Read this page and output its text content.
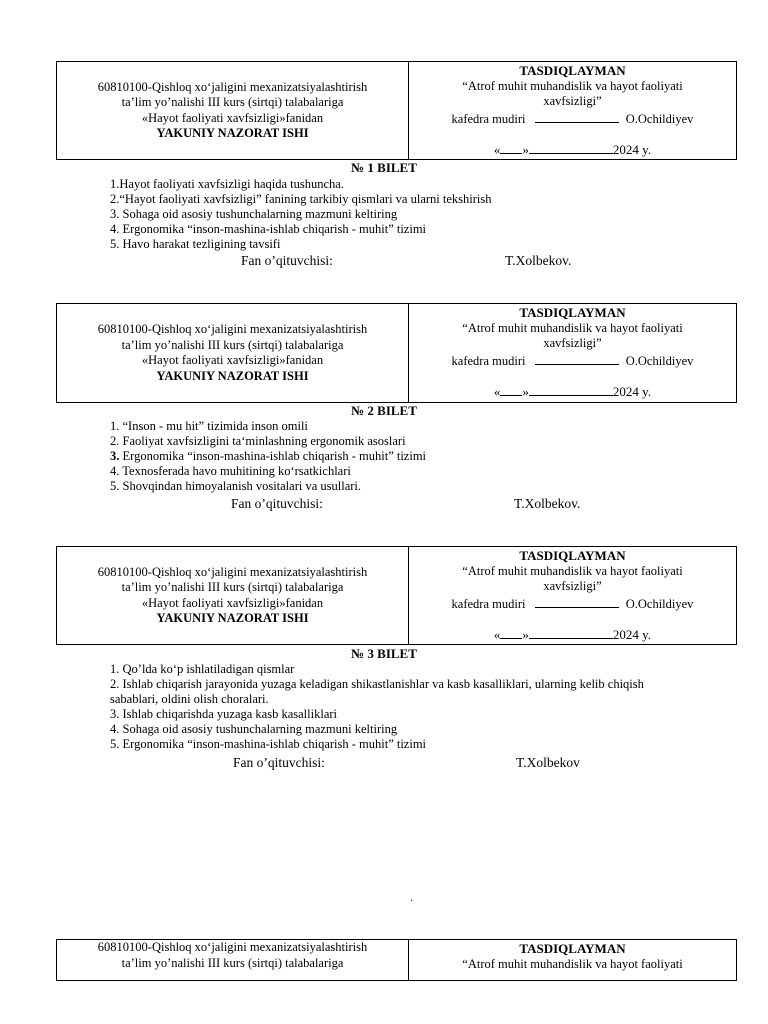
60810100-Qishloq xo‘jaligini mexanizatsiyalashtirish
ta’lim yo’nalishi III kurs (sirtqi) talabalariga
«Hayot faoliyati xavfsizligi»fanidan
YAKUNIY NAZORAT ISHI
TASDIQLAYMAN
“Atrof muhit muhandislik va hayot faoliyati
xavfsizligi”
kafedra mudiri	O.Ochildiyev
« »	2024 y.
№ 1 BILET
1.Hayot faoliyati xavfsizligi haqida tushuncha.
2.“Hayot faoliyati xavfsizligi” fanining tarkibiy qismlari va ularni tekshirish
3. Sohaga oid asosiy tushunchalarning mazmuni keltiring
4. Ergonomika “inson-mashina-ishlab chiqarish - muhit” tizimi
5. Havo harakat tezligining tavsifi
Fan o’qituvchisi:	T.Xolbekov.
60810100-Qishloq xo‘jaligini mexanizatsiyalashtirish
ta’lim yo’nalishi III kurs (sirtqi) talabalariga
«Hayot faoliyati xavfsizligi»fanidan
YAKUNIY NAZORAT ISHI
TASDIQLAYMAN
“Atrof muhit muhandislik va hayot faoliyati
xavfsizligi”
kafedra mudiri	O.Ochildiyev
« »	2024 y.
№ 2 BILET
1. “Inson - mu hit” tizimida inson omili
2. Faoliyat xavfsizligini ta‘minlashning ergonomik asoslari
3. Ergonomika “inson-mashina-ishlab chiqarish - muhit” tizimi
4. Texnosferada havo muhitining ko‘rsatkichlari
5. Shovqindan himoyalanish vositalari va usullari.
Fan o’qituvchisi:	T.Xolbekov.
60810100-Qishloq xo‘jaligini mexanizatsiyalashtirish
ta’lim yo’nalishi III kurs (sirtqi) talabalariga
«Hayot faoliyati xavfsizligi»fanidan
YAKUNIY NAZORAT ISHI
TASDIQLAYMAN
“Atrof muhit muhandislik va hayot faoliyati
xavfsizligi”
kafedra mudiri	O.Ochildiyev
« »	2024 y.
№ 3 BILET
1. Qo’lda ko‘p ishlatiladigan qismlar
2. Ishlab chiqarish jarayonida yuzaga keladigan shikastlanishlar va kasb kasalliklari, ularning kelib chiqish sabablari, oldini olish choralari.
3. Ishlab chiqarishda yuzaga kasb kasalliklari
4. Sohaga oid asosiy tushunchalarning mazmuni keltiring
5. Ergonomika “inson-mashina-ishlab chiqarish - muhit” tizimi
Fan o’qituvchisi:	T.Xolbekov
.
60810100-Qishloq xo‘jaligini mexanizatsiyalashtirish
ta’lim yo’nalishi III kurs (sirtqi) talabalariga
TASDIQLAYMAN
“Atrof muhit muhandislik va hayot faoliyati
